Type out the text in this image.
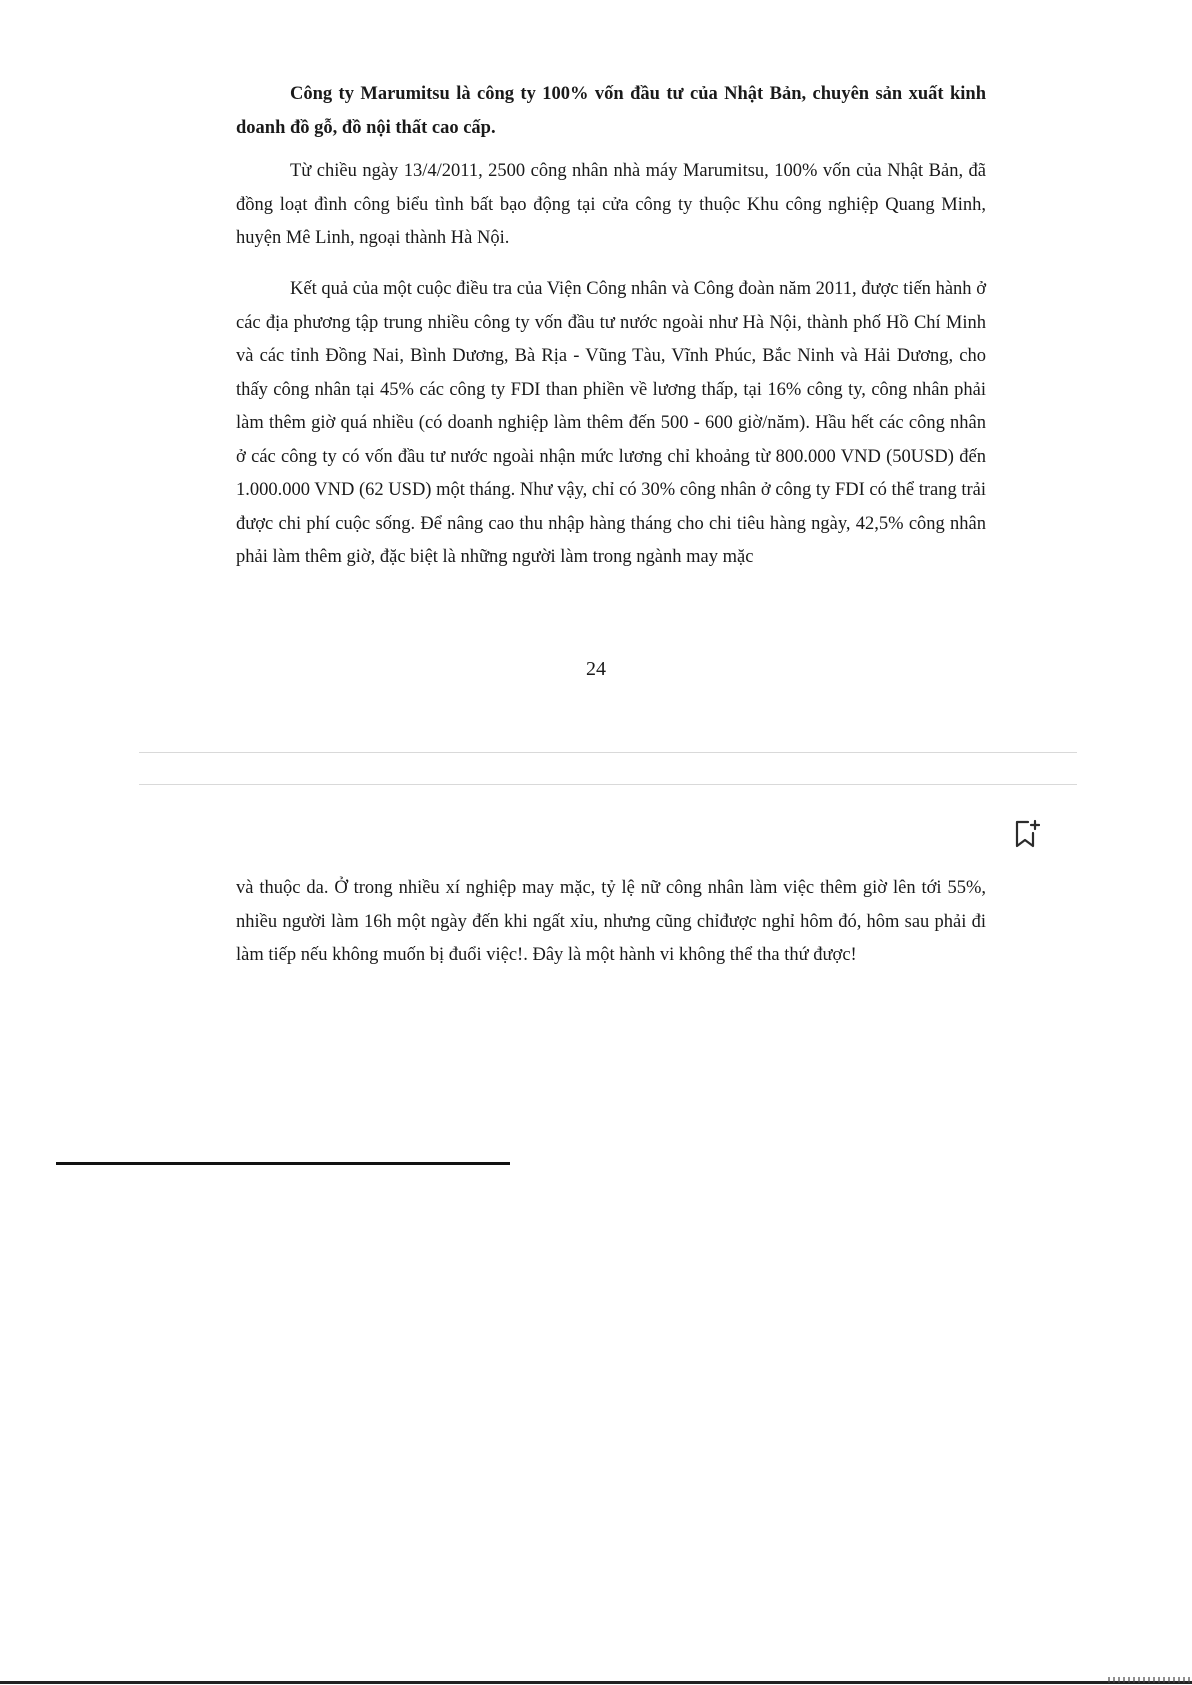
Công ty Marumitsu là công ty 100% vốn đầu tư của Nhật Bản, chuyên sản xuất kinh doanh đồ gỗ, đồ nội thất cao cấp.

Từ chiều ngày 13/4/2011, 2500 công nhân nhà máy Marumitsu, 100% vốn của Nhật Bản, đã đồng loạt đình công biểu tình bất bạo động tại cửa công ty thuộc Khu công nghiệp Quang Minh, huyện Mê Linh, ngoại thành Hà Nội.

Kết quả của một cuộc điều tra của Viện Công nhân và Công đoàn năm 2011, được tiến hành ở các địa phương tập trung nhiều công ty vốn đầu tư nước ngoài như Hà Nội, thành phố Hồ Chí Minh và các tỉnh Đồng Nai, Bình Dương, Bà Rịa - Vũng Tàu, Vĩnh Phúc, Bắc Ninh và Hải Dương, cho thấy công nhân tại 45% các công ty FDI than phiền về lương thấp, tại 16% công ty, công nhân phải làm thêm giờ quá nhiều (có doanh nghiệp làm thêm đến 500 - 600 giờ/năm). Hầu hết các công nhân ở các công ty có vốn đầu tư nước ngoài nhận mức lương chỉ khoảng từ 800.000 VND (50USD) đến 1.000.000 VND (62 USD) một tháng. Như vậy, chỉ có 30% công nhân ở công ty FDI có thể trang trải được chi phí cuộc sống. Để nâng cao thu nhập hàng tháng cho chi tiêu hàng ngày, 42,5% công nhân phải làm thêm giờ, đặc biệt là những người làm trong ngành may mặc

24

và thuộc da. Ở trong nhiều xí nghiệp may mặc, tỷ lệ nữ công nhân làm việc thêm giờ lên tới 55%, nhiều người làm 16h một ngày đến khi ngất xỉu, nhưng cũng chỉđược nghỉ hôm đó, hôm sau phải đi làm tiếp nếu không muốn bị đuổi việc!. Đây là một hành vi không thể tha thứ được!
